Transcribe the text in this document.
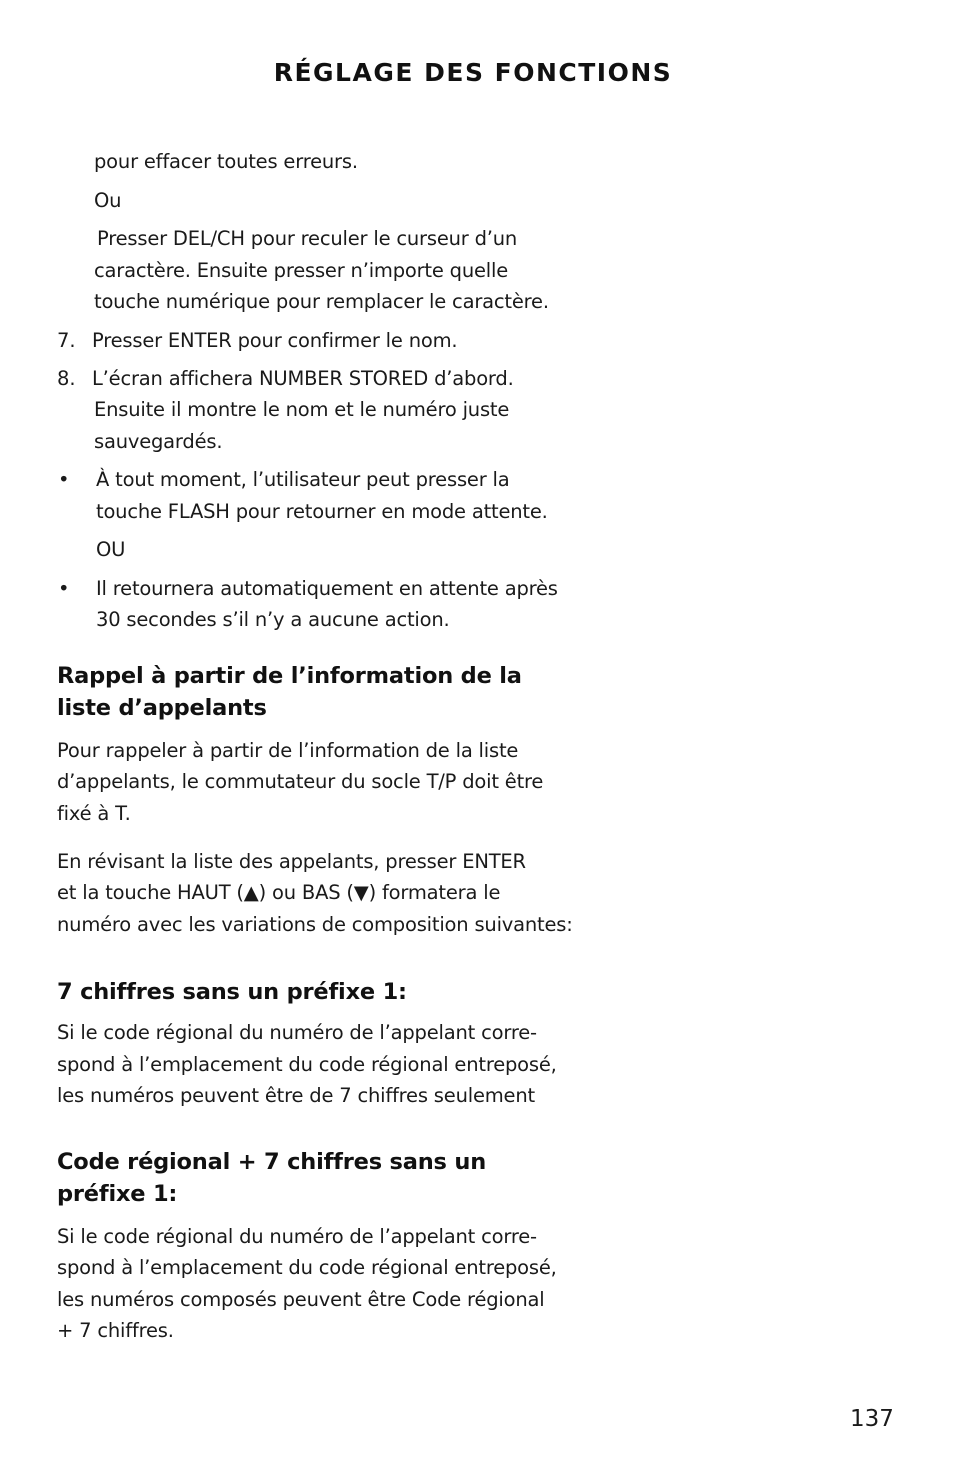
RÉGLAGE DES FONCTIONS
pour effacer toutes erreurs.
Ou
Presser DEL/CH pour reculer le curseur d’un
caractère. Ensuite presser n’importe quelle
touche numérique pour remplacer le caractère.
7. Presser ENTER pour confirmer le nom.
8. L’écran affichera NUMBER STORED d’abord.
Ensuite il montre le nom et le numéro juste
sauvegardés.
• À tout moment, l’utilisateur peut presser la
touche FLASH pour retourner en mode attente.
OU
• Il retournera automatiquement en attente après
30 secondes s’il n’y a aucune action.
Rappel à partir de l’information de la
liste d’appelants
Pour rappeler à partir de l’information de la liste
d’appelants, le commutateur du socle T/P doit être
fixé à T.
En révisant la liste des appelants, presser ENTER
et la touche HAUT (▲) ou BAS (▼) formatera le
numéro avec les variations de composition suivantes:
7 chiffres sans un préfixe 1:
Si le code régional du numéro de l’appelant corre-
spond à l’emplacement du code régional entreposé,
les numéros peuvent être de 7 chiffres seulement
Code régional + 7 chiffres sans un
préfixe 1:
Si le code régional du numéro de l’appelant corre-
spond à l’emplacement du code régional entreposé,
les numéros composés peuvent être Code régional
+ 7 chiffres.
137
